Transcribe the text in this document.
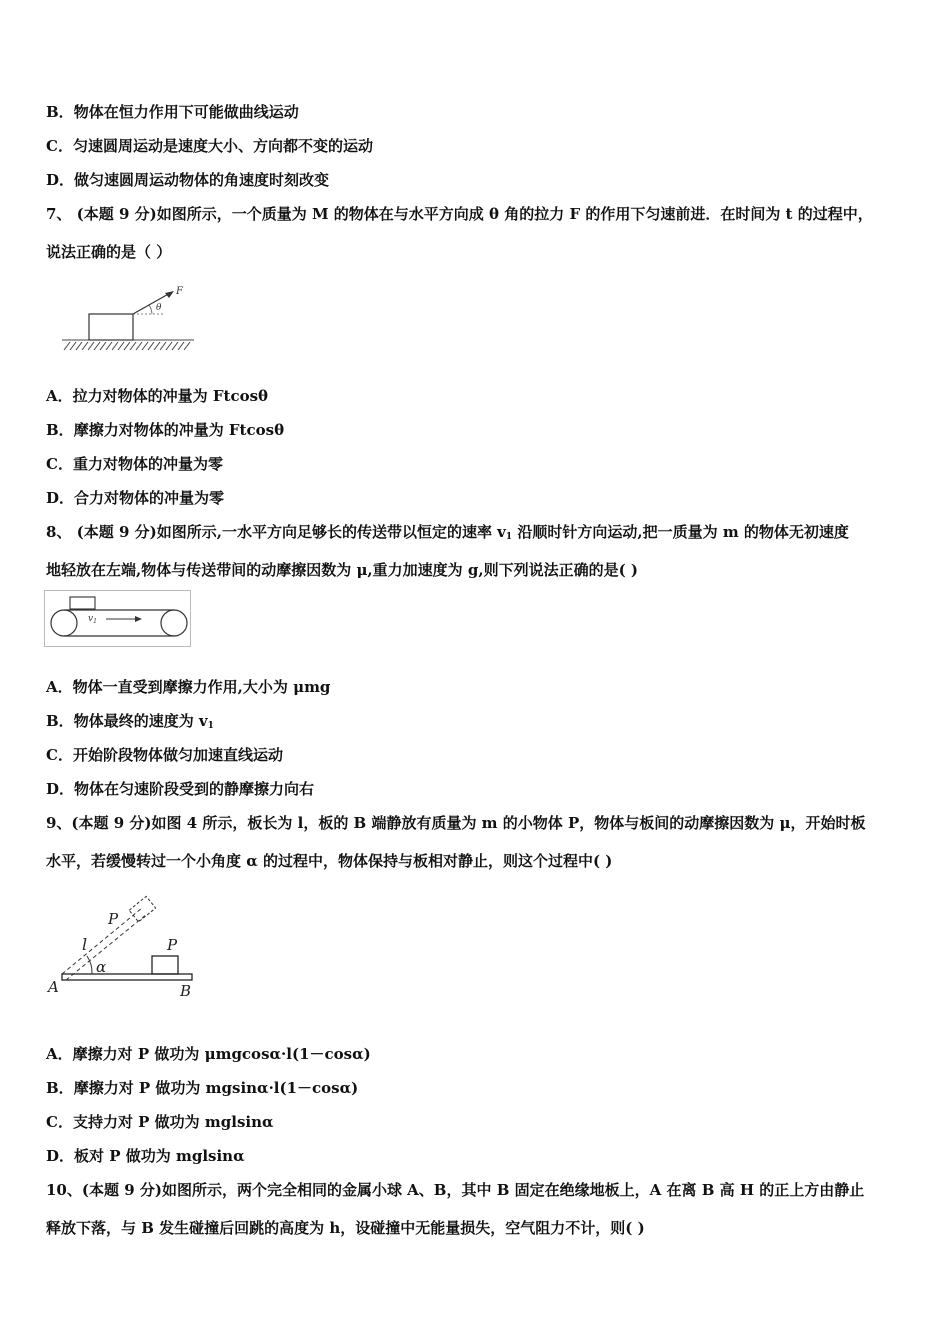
B．物体在恒力作用下可能做曲线运动
C．匀速圆周运动是速度大小、方向都不变的运动
D．做匀速圆周运动物体的角速度时刻改变
7、 (本题 9 分)如图所示，一个质量为 M 的物体在与水平方向成 θ 角的拉力 F 的作用下匀速前进．在时间为 t 的过程中，
说法正确的是（ ）
θ
F
A．拉力对物体的冲量为 Ftcosθ
B．摩擦力对物体的冲量为 Ftcosθ
C．重力对物体的冲量为零
D．合力对物体的冲量为零
8、 (本题 9 分)如图所示,一水平方向足够长的传送带以恒定的速率 $v_1$ 沿顺时针方向运动,把一质量为 m 的物体无初速度
地轻放在左端,物体与传送带间的动摩擦因数为 μ,重力加速度为 g,则下列说法正确的是( )
$v_1$
A．物体一直受到摩擦力作用,大小为 μmg
B．物体最终的速度为 $v_1$
C．开始阶段物体做匀加速直线运动
D．物体在匀速阶段受到的静摩擦力向右
9、(本题 9 分)如图 4 所示，板长为 l，板的 B 端静放有质量为 m 的小物体 P，物体与板间的动摩擦因数为 μ，开始时板
水平，若缓慢转过一个小角度 α 的过程中，物体保持与板相对静止，则这个过程中( )
P
P
l
α
A	B
A．摩擦力对 P 做功为 μmgcosα·l(1－cosα)
B．摩擦力对 P 做功为 mgsinα·l(1－cosα)
C．支持力对 P 做功为 mglsinα
D．板对 P 做功为 mglsinα
10、(本题 9 分)如图所示，两个完全相同的金属小球 A、B，其中 B 固定在绝缘地板上，A 在离 B 高 H 的正上方由静止
释放下落，与 B 发生碰撞后回跳的高度为 h，设碰撞中无能量损失，空气阻力不计，则( )
